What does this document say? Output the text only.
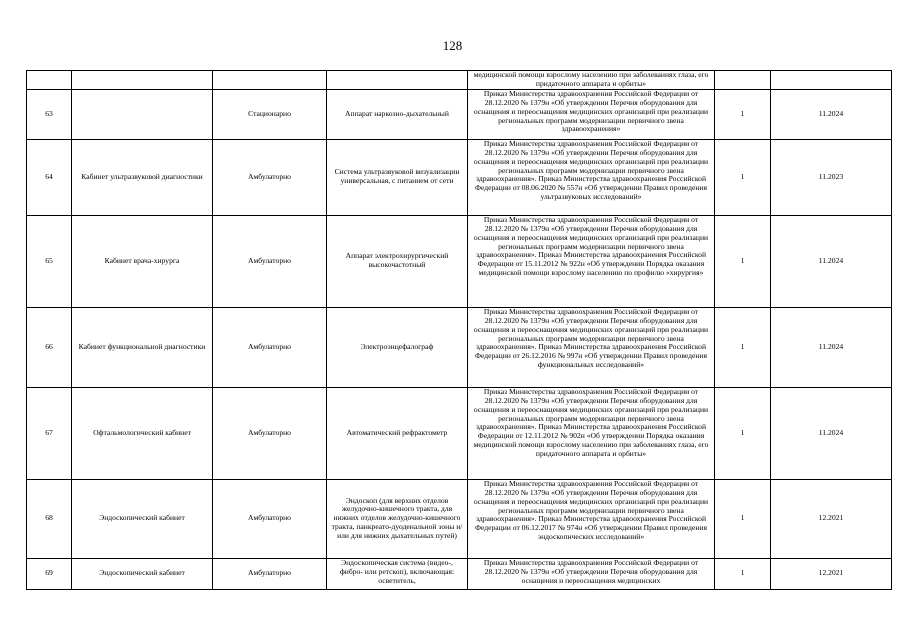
128
				медицинской помощи взрослому населению при заболеваниях глаза, его придаточного аппарата и орбиты»		
63		Стационарно	Аппарат наркозно-дыхательный	Приказ Министерства здравоохранения Российской Федерации от 28.12.2020 № 1379н «Об утверждении Перечня оборудования для оснащения и переоснащения медицинских организаций при реализации региональных программ модернизации первичного звена здравоохранения»	1	11.2024
64	Кабинет ультразвуковой диагностики	Амбулаторно	Система ультразвуковой визуализации универсальная, с питанием от сети	Приказ Министерства здравоохранения Российской Федерации от 28.12.2020 № 1379н «Об утверждении Перечня оборудования для оснащения и переоснащения медицинских организаций при реализации региональных программ модернизации первичного звена здравоохранения». Приказ Министерства здравоохранения Российской Федерации от 08.06.2020 № 557н «Об утверждении Правил проведения ультразвуковых исследований»	1	11.2023
65	Кабинет врача-хирурга	Амбулаторно	Аппарат электрохирургический высокочастотный	Приказ Министерства здравоохранения Российской Федерации от 28.12.2020 № 1379н «Об утверждении Перечня оборудования для оснащения и переоснащения медицинских организаций при реализации региональных программ модернизации первичного звена здравоохранения». Приказ Министерства здравоохранения Российской Федерации от 15.11.2012 № 922н «Об утверждении Порядка оказания медицинской помощи взрослому населению по профилю «хирургия»	1	11.2024
66	Кабинет функциональной диагностики	Амбулаторно	Электроэнцефалограф	Приказ Министерства здравоохранения Российской Федерации от 28.12.2020 № 1379н «Об утверждении Перечня оборудования для оснащения и переоснащения медицинских организаций при реализации региональных программ модернизации первичного звена здравоохранения». Приказ Министерства здравоохранения Российской Федерации от 26.12.2016 № 997н «Об утверждении Правил проведения функциональных исследований»	1	11.2024
67	Офтальмологический кабинет	Амбулаторно	Автоматический рефрактометр	Приказ Министерства здравоохранения Российской Федерации от 28.12.2020 № 1379н «Об утверждении Перечня оборудования для оснащения и переоснащения медицинских организаций при реализации региональных программ модернизации первичного звена здравоохранения». Приказ Министерства здравоохранения Российской Федерации от 12.11.2012 № 902н «Об утверждении Порядка оказания медицинской помощи взрослому населению при заболеваниях глаза, его придаточного аппарата и орбиты»	1	11.2024
68	Эндоскопический кабинет	Амбулаторно	Эндоскоп (для верхних отделов желудочно-кишечного тракта, для нижних отделов желудочно-кишечного тракта, панкреато-дуоденальной зоны и/или для нижних дыхательных путей)	Приказ Министерства здравоохранения Российской Федерации от 28.12.2020 № 1379н «Об утверждении Перечня оборудования для оснащения и переоснащения медицинских организаций при реализации региональных программ модернизации первичного звена здравоохранения». Приказ Министерства здравоохранения Российской Федерации от 06.12.2017 № 974н «Об утверждении Правил проведения эндоскопических исследований»	1	12.2021
69	Эндоскопический кабинет	Амбулаторно	Эндоскопическая система (видео-, фибро- или ретскоп), включающая: осветитель,	Приказ Министерства здравоохранения Российской Федерации от 28.12.2020 № 1379н «Об утверждении Перечня оборудования для оснащения и переоснащения медицинских	1	12.2021
